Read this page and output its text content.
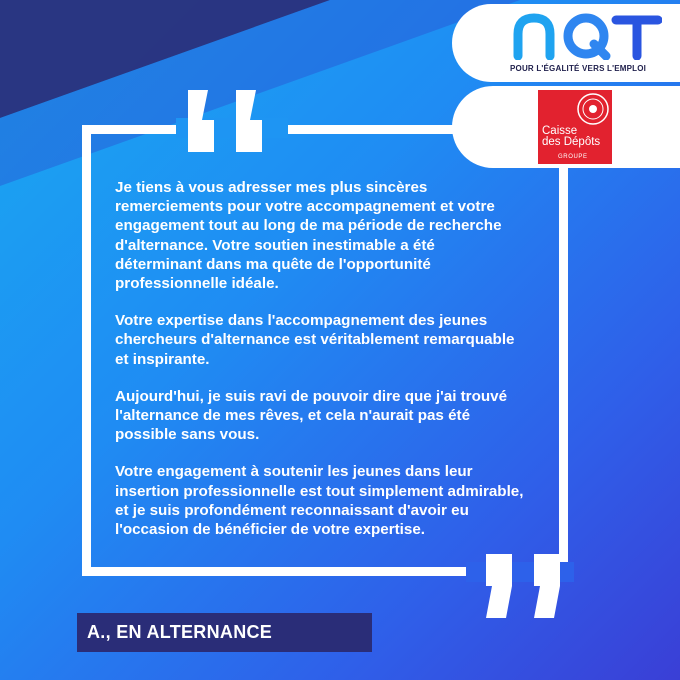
Je tiens à vous adresser mes plus sincères
remerciements pour votre accompagnement et votre
engagement tout au long de ma période de recherche
d'alternance. Votre soutien inestimable a été
déterminant dans ma quête de l'opportunité
professionnelle idéale.

Votre expertise dans l'accompagnement des jeunes
chercheurs d'alternance est véritablement remarquable
et inspirante.

Aujourd'hui, je suis ravi de pouvoir dire que j'ai trouvé
l'alternance de mes rêves, et cela n'aurait pas été
possible sans vous.

Votre engagement à soutenir les jeunes dans leur
insertion professionnelle est tout simplement admirable,
et je suis profondément reconnaissant d'avoir eu
l'occasion de bénéficier de votre expertise.

POUR L'ÉGALITÉ VERS L'EMPLOI
Caisse
des Dépôts
GROUPE
A., EN ALTERNANCE
